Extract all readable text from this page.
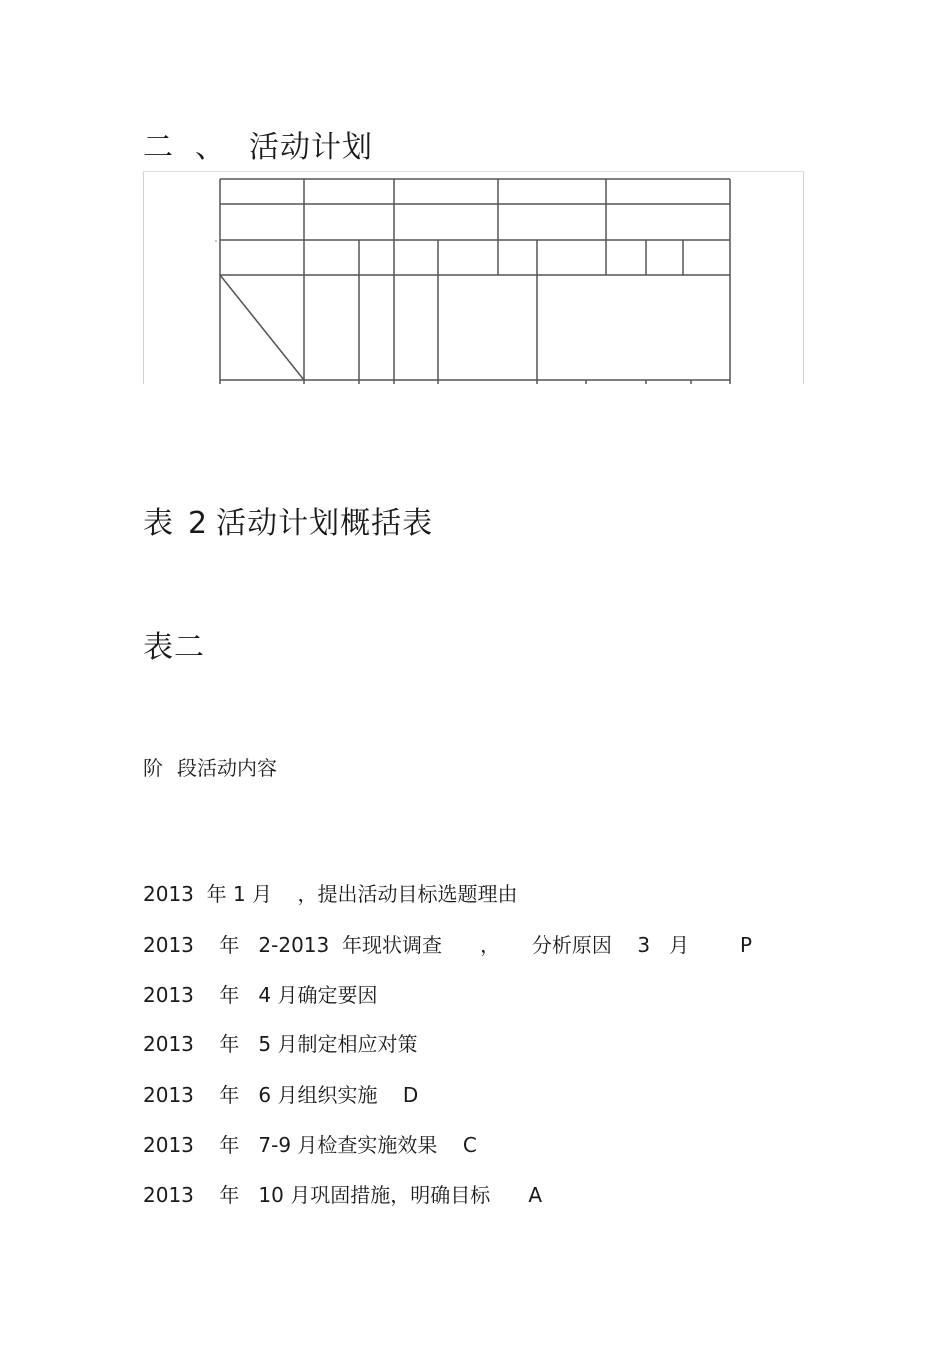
二 、 活动计划
表 2 活动计划概括表
表二
阶 段活动内容
2013  年 1 月    ，提出活动目标选题理由
2013    年   2-2013  年现状调查      ，     分析原因    3   月        P
2013    年   4 月确定要因
2013    年   5 月制定相应对策
2013    年   6 月组织实施    D
2013    年   7-9 月检查实施效果    C
2013    年   10 月巩固措施，明确目标      A
